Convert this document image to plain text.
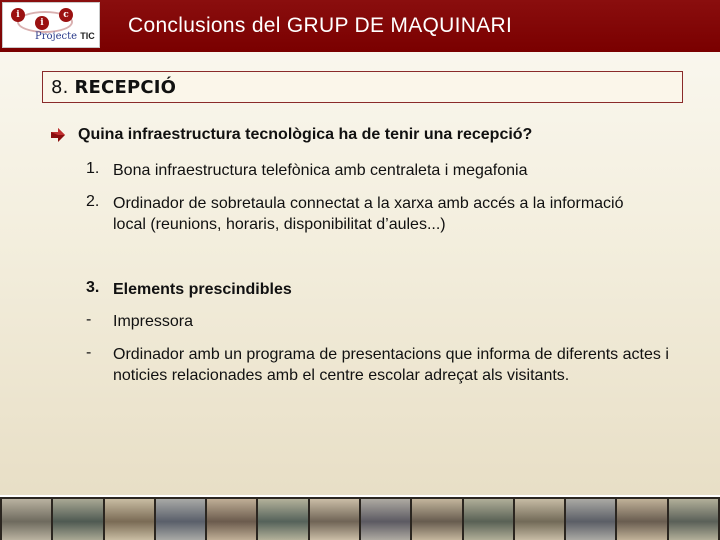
i
i
c
Projecte TIC Conclusions del GRUP DE MAQUINARI
8. RECEPCIÓ
Quina infraestructura tecnològica ha de tenir una recepció?
1. Bona infraestructura telefònica amb centraleta i megafonia
2. Ordinador de sobretaula connectat a la xarxa amb accés a la informació local (reunions, horaris, disponibilitat d’aules...)
3. Elements prescindibles
- Impressora
- Ordinador amb un programa de presentacions que informa de diferents actes i noticies relacionades amb el centre escolar adreçat als visitants.
